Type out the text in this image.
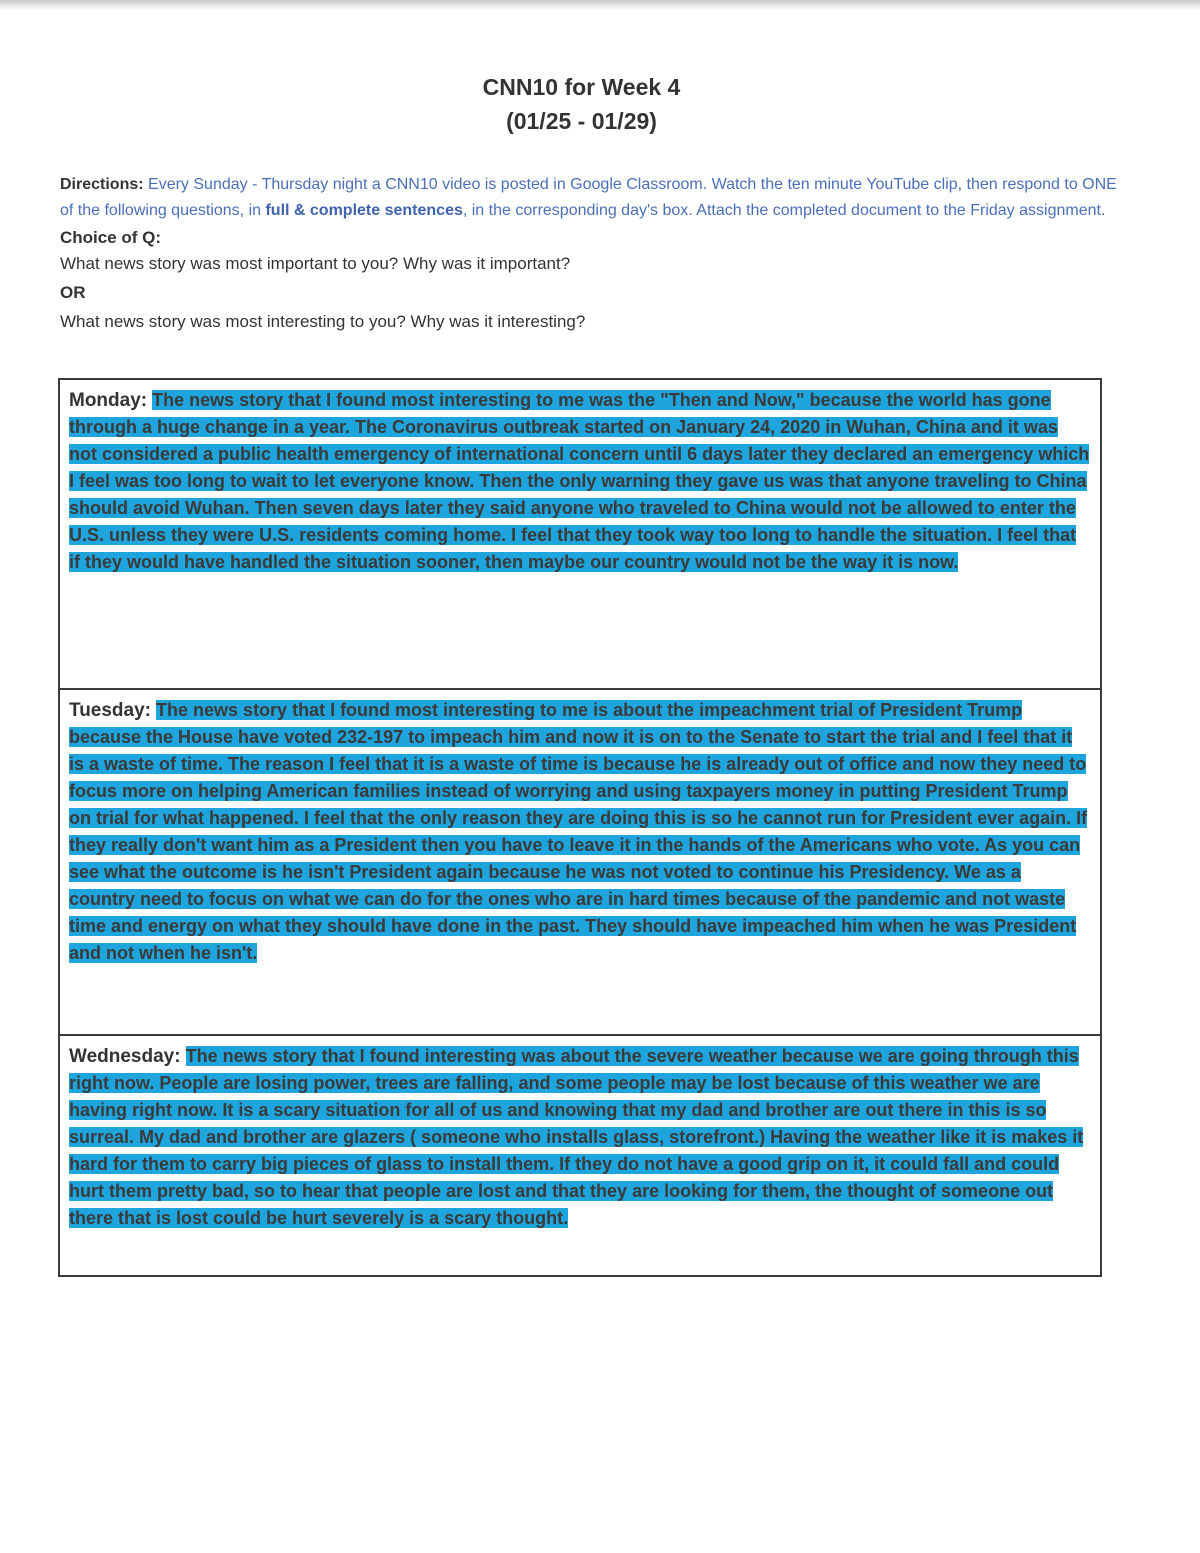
CNN10 for Week 4
(01/25 - 01/29)
Directions: Every Sunday - Thursday night a CNN10 video is posted in Google Classroom. Watch the ten minute YouTube clip, then respond to ONE of the following questions, in full & complete sentences, in the corresponding day's box. Attach the completed document to the Friday assignment.
Choice of Q:
What news story was most important to you? Why was it important?
OR
What news story was most interesting to you? Why was it interesting?
Monday: The news story that I found most interesting to me was the "Then and Now," because the world has gone through a huge change in a year. The Coronavirus outbreak started on January 24, 2020 in Wuhan, China and it was not considered a public health emergency of international concern until 6 days later they declared an emergency which I feel was too long to wait to let everyone know. Then the only warning they gave us was that anyone traveling to China should avoid Wuhan. Then seven days later they said anyone who traveled to China would not be allowed to enter the U.S. unless they were U.S. residents coming home. I feel that they took way too long to handle the situation. I feel that if they would have handled the situation sooner, then maybe our country would not be the way it is now.
Tuesday: The news story that I found most interesting to me is about the impeachment trial of President Trump because the House have voted 232-197 to impeach him and now it is on to the Senate to start the trial and I feel that it is a waste of time. The reason I feel that it is a waste of time is because he is already out of office and now they need to focus more on helping American families instead of worrying and using taxpayers money in putting President Trump on trial for what happened. I feel that the only reason they are doing this is so he cannot run for President ever again. If they really don't want him as a President then you have to leave it in the hands of the Americans who vote. As you can see what the outcome is he isn't President again because he was not voted to continue his Presidency. We as a country need to focus on what we can do for the ones who are in hard times because of the pandemic and not waste time and energy on what they should have done in the past. They should have impeached him when he was President and not when he isn't.
Wednesday: The news story that I found interesting was about the severe weather because we are going through this right now. People are losing power, trees are falling, and some people may be lost because of this weather we are having right now. It is a scary situation for all of us and knowing that my dad and brother are out there in this is so surreal. My dad and brother are glazers ( someone who installs glass, storefront.) Having the weather like it is makes it hard for them to carry big pieces of glass to install them. If they do not have a good grip on it, it could fall and could hurt them pretty bad, so to hear that people are lost and that they are looking for them, the thought of someone out there that is lost could be hurt severely is a scary thought.
